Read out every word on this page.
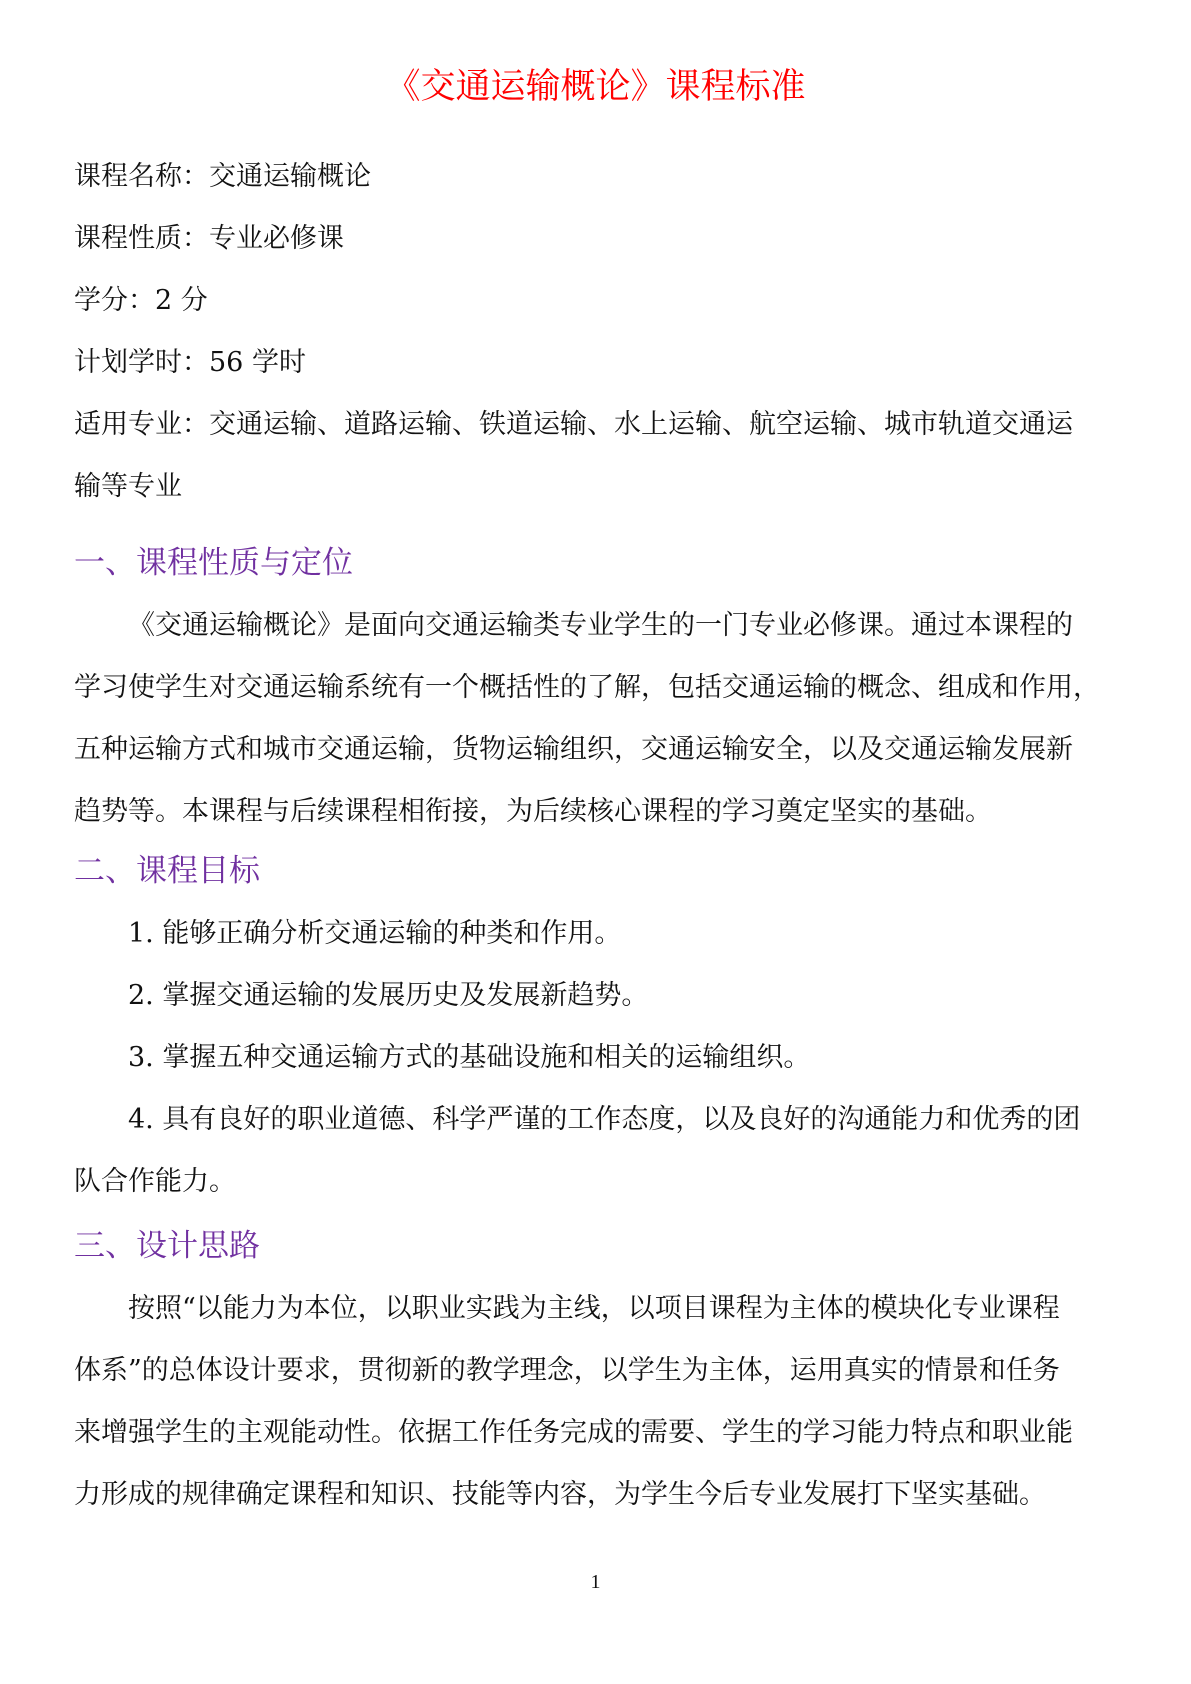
《交通运输概论》课程标准
课程名称：交通运输概论
课程性质：专业必修课
学分：2 分
计划学时：56 学时
适用专业：交通运输、道路运输、铁道运输、水上运输、航空运输、城市轨道交通运
输等专业
一、课程性质与定位
《交通运输概论》是面向交通运输类专业学生的一门专业必修课。通过本课程的
学习使学生对交通运输系统有一个概括性的了解，包括交通运输的概念、组成和作用，
五种运输方式和城市交通运输，货物运输组织，交通运输安全，以及交通运输发展新
趋势等。本课程与后续课程相衔接，为后续核心课程的学习奠定坚实的基础。
二、课程目标
1. 能够正确分析交通运输的种类和作用。
2. 掌握交通运输的发展历史及发展新趋势。
3. 掌握五种交通运输方式的基础设施和相关的运输组织。
4. 具有良好的职业道德、科学严谨的工作态度，以及良好的沟通能力和优秀的团
队合作能力。
三、设计思路
按照“以能力为本位，以职业实践为主线，以项目课程为主体的模块化专业课程
体系”的总体设计要求，贯彻新的教学理念，以学生为主体，运用真实的情景和任务
来增强学生的主观能动性。依据工作任务完成的需要、学生的学习能力特点和职业能
力形成的规律确定课程和知识、技能等内容，为学生今后专业发展打下坚实基础。
1
